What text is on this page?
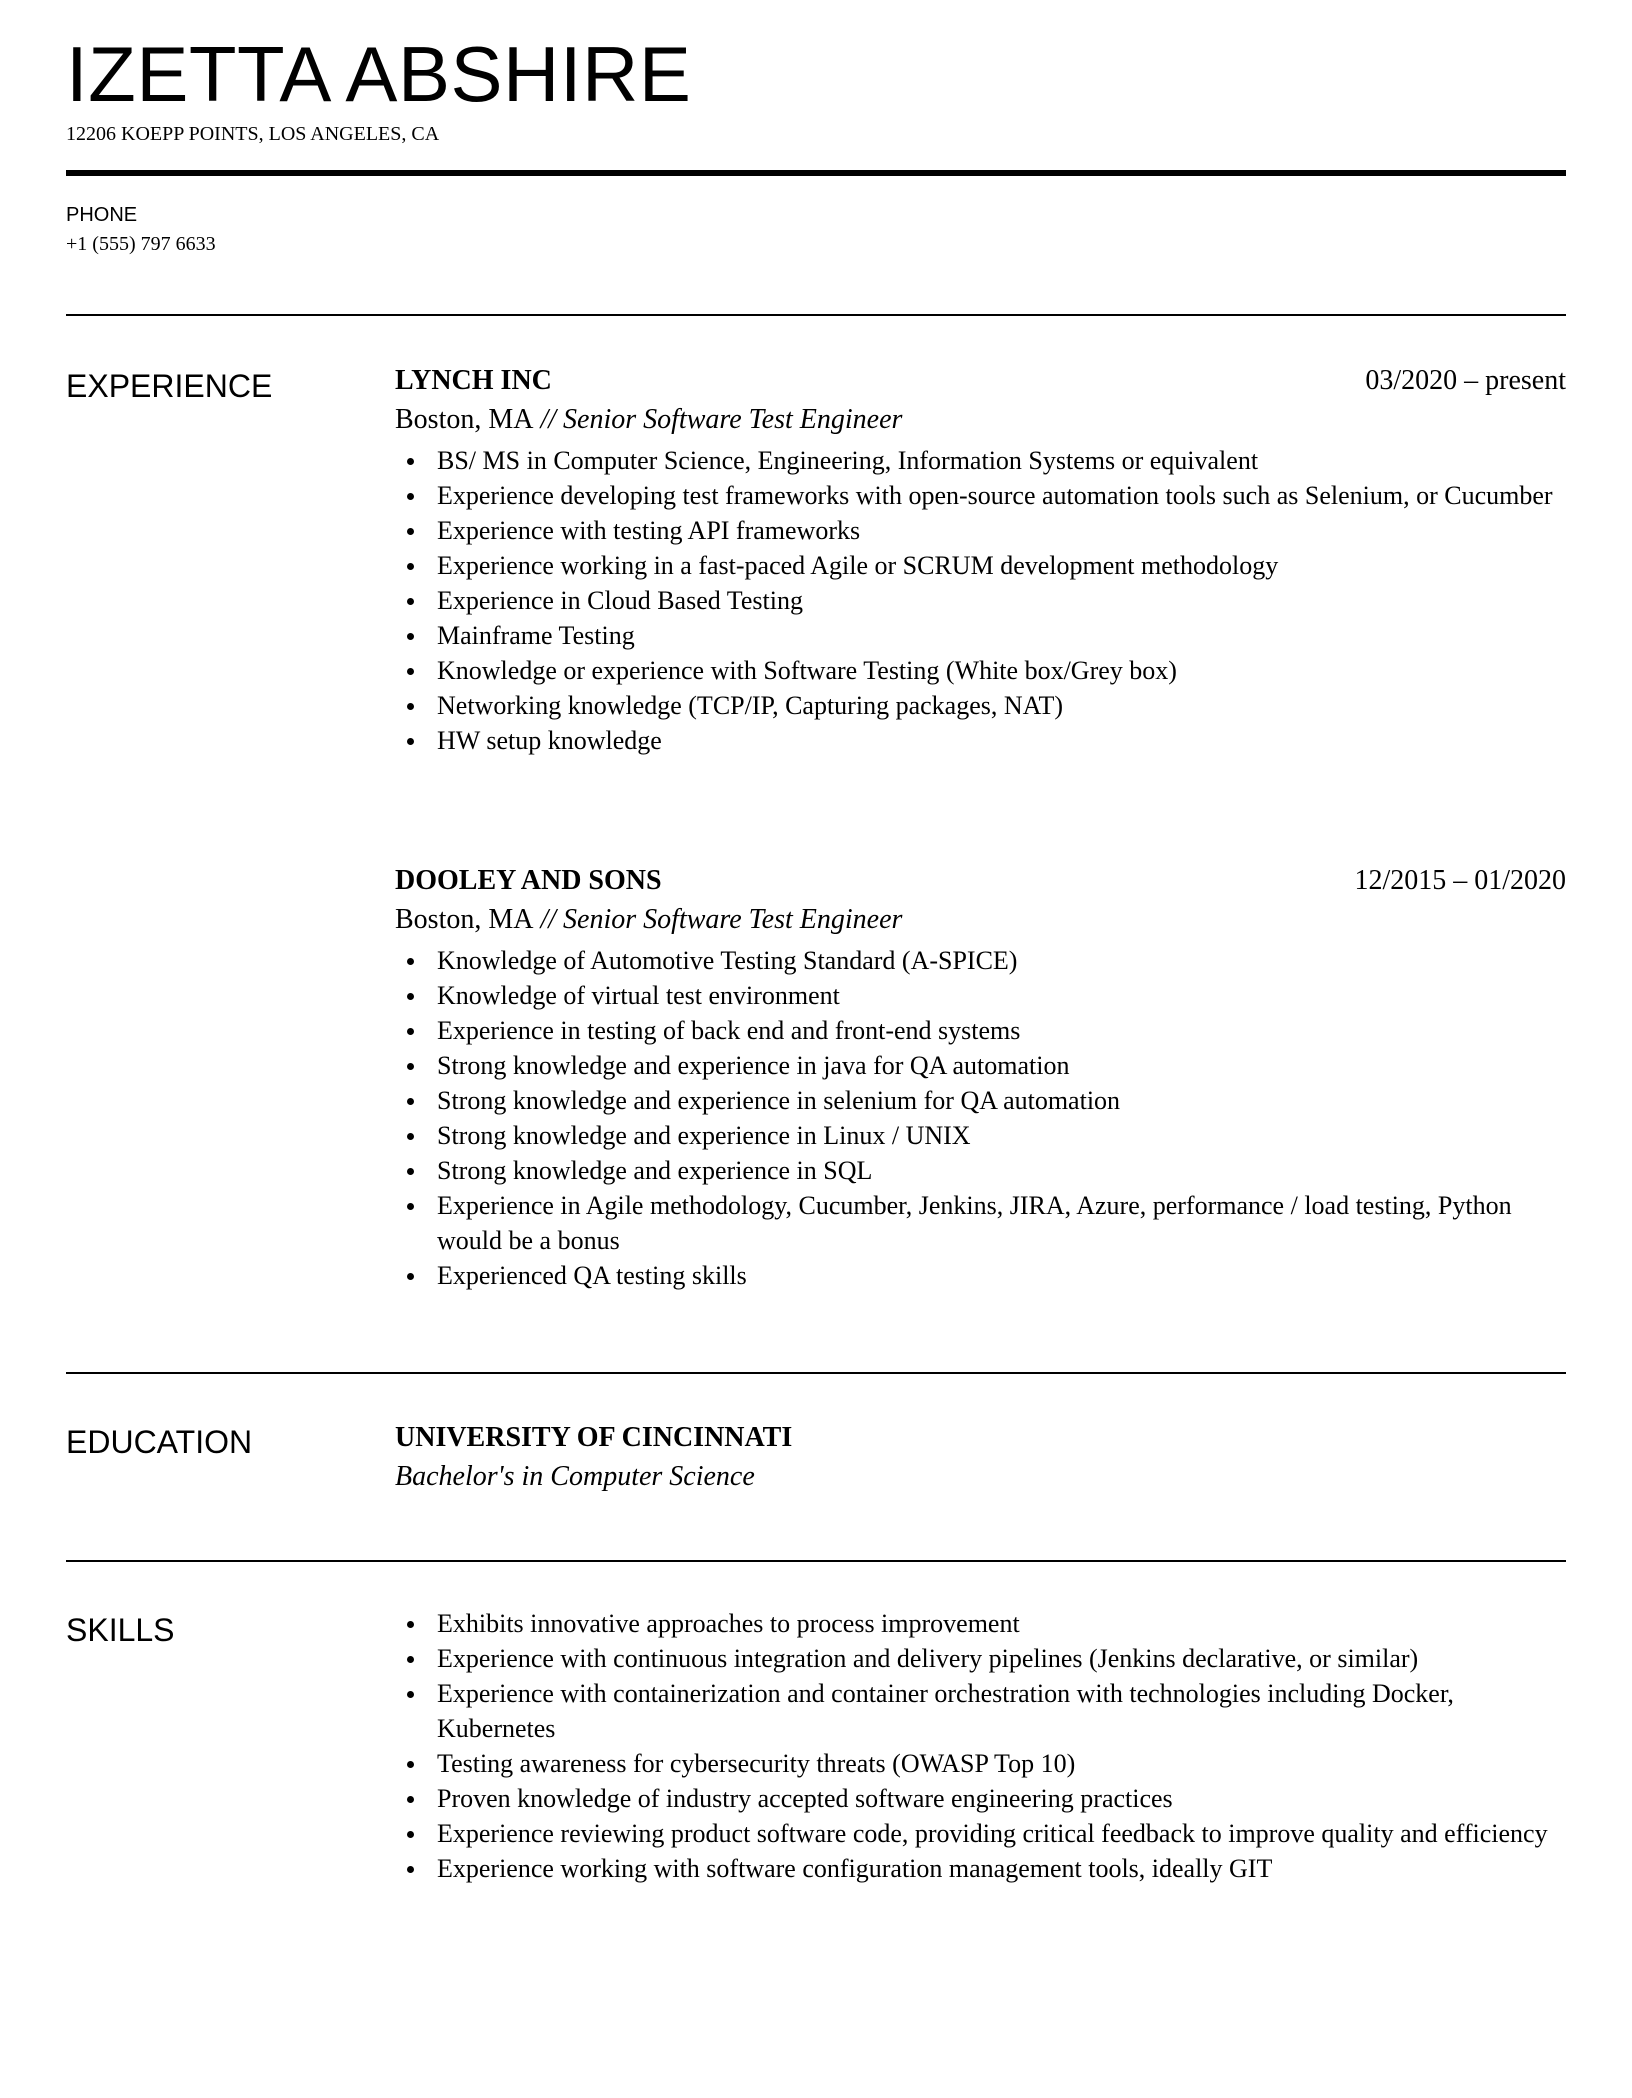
IZETTA ABSHIRE
12206 KOEPP POINTS, LOS ANGELES, CA
PHONE
+1 (555) 797 6633
EXPERIENCE	LYNCH INC	03/2020 – present
Boston, MA // Senior Software Test Engineer
BS/ MS in Computer Science, Engineering, Information Systems or equivalent
Experience developing test frameworks with open-source automation tools such as Selenium, or Cucumber
Experience with testing API frameworks
Experience working in a fast-paced Agile or SCRUM development methodology
Experience in Cloud Based Testing
Mainframe Testing
Knowledge or experience with Software Testing (White box/Grey box)
Networking knowledge (TCP/IP, Capturing packages, NAT)
HW setup knowledge
DOOLEY AND SONS	12/2015 – 01/2020
Boston, MA // Senior Software Test Engineer
Knowledge of Automotive Testing Standard (A-SPICE)
Knowledge of virtual test environment
Experience in testing of back end and front-end systems
Strong knowledge and experience in java for QA automation
Strong knowledge and experience in selenium for QA automation
Strong knowledge and experience in Linux / UNIX
Strong knowledge and experience in SQL
Experience in Agile methodology, Cucumber, Jenkins, JIRA, Azure, performance / load testing, Python would be a bonus
Experienced QA testing skills
EDUCATION	UNIVERSITY OF CINCINNATI
Bachelor's in Computer Science
SKILLS	Exhibits innovative approaches to process improvement
Experience with continuous integration and delivery pipelines (Jenkins declarative, or similar)
Experience with containerization and container orchestration with technologies including Docker, Kubernetes
Testing awareness for cybersecurity threats (OWASP Top 10)
Proven knowledge of industry accepted software engineering practices
Experience reviewing product software code, providing critical feedback to improve quality and efficiency
Experience working with software configuration management tools, ideally GIT
